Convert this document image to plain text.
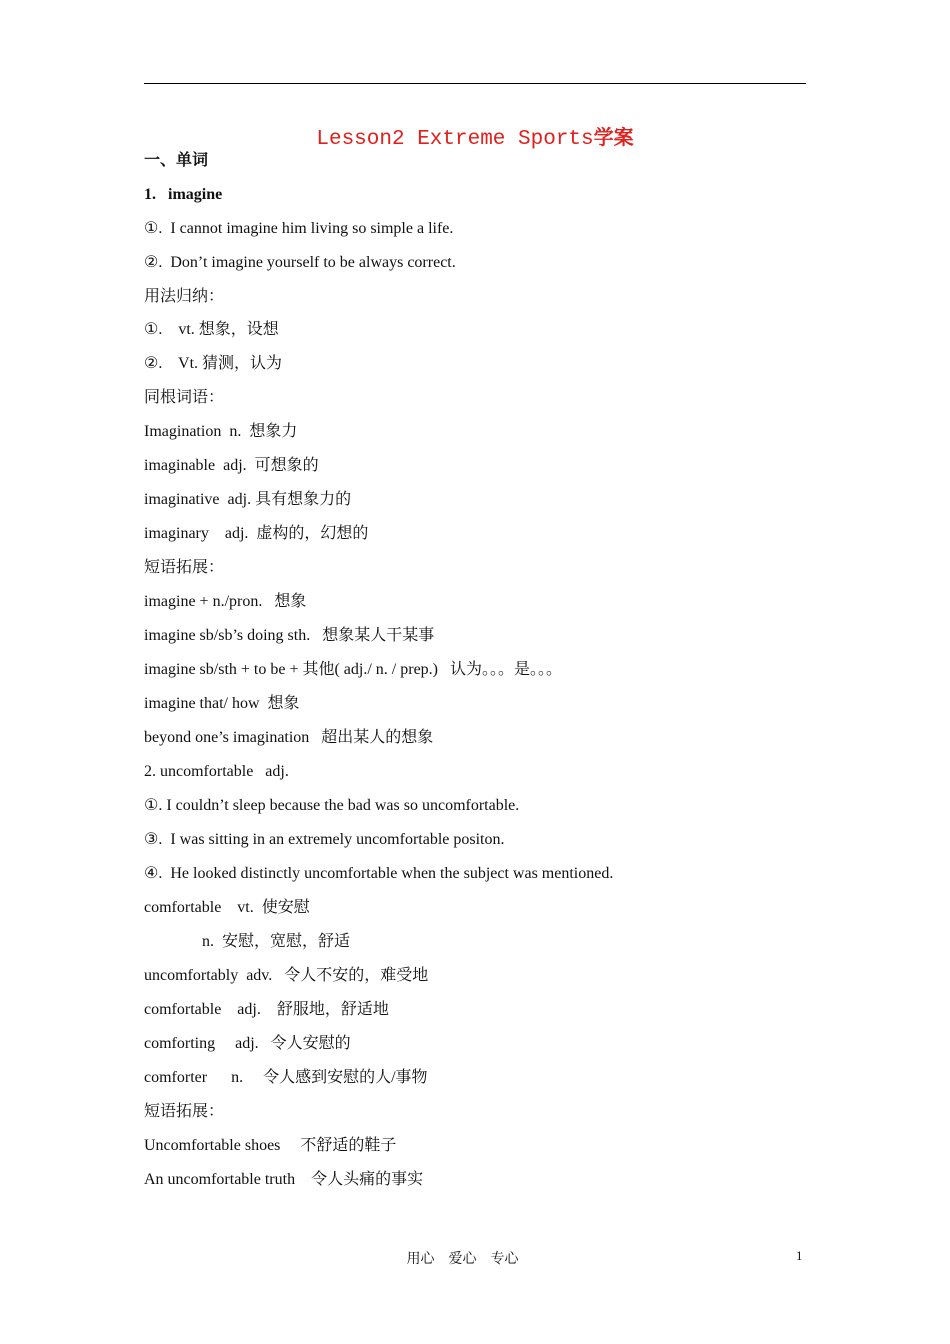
Lesson2 Extreme Sports学案
一、单词
1.   imagine
①.  I cannot imagine him living so simple a life.
②.  Don’t imagine yourself to be always correct.
用法归纳：
①.    vt. 想象，设想
②.    Vt. 猜测，认为
同根词语：
Imagination  n.  想象力
imaginable  adj.  可想象的
imaginative  adj. 具有想象力的
imaginary    adj.  虚构的，幻想的
短语拓展：
imagine + n./pron.   想象
imagine sb/sb’s doing sth.   想象某人干某事
imagine sb/sth + to be + 其他( adj./ n. / prep.)   认为。。。是。。。
imagine that/ how  想象
beyond one’s imagination   超出某人的想象
2. uncomfortable   adj.
①. I couldn’t sleep because the bad was so uncomfortable.
③.  I was sitting in an extremely uncomfortable positon.
④.  He looked distinctly uncomfortable when the subject was mentioned.
comfortable    vt.  使安慰
n.  安慰，宽慰，舒适
uncomfortably  adv.   令人不安的，难受地
comfortable    adj.    舒服地，舒适地
comforting     adj.   令人安慰的
comforter      n.     令人感到安慰的人/事物
短语拓展：
Uncomfortable shoes     不舒适的鞋子
An uncomfortable truth    令人头痛的事实
用心    爱心    专心	1
